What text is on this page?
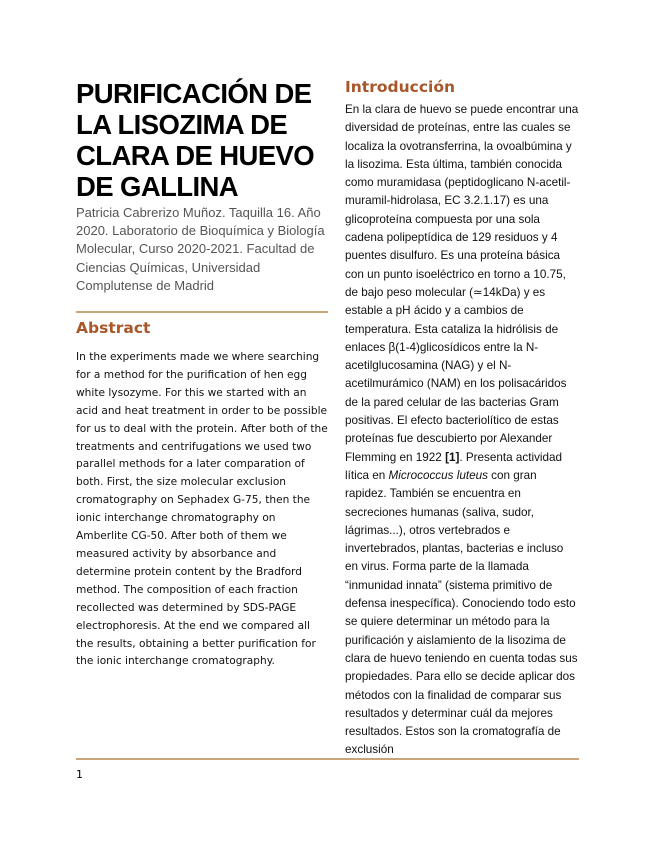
PURIFICACIÓN DE LA LISOZIMA DE CLARA DE HUEVO DE GALLINA
Patricia Cabrerizo Muñoz. Taquilla 16. Año 2020. Laboratorio de Bioquímica y Biología Molecular, Curso 2020-2021. Facultad de Ciencias Químicas, Universidad Complutense de Madrid
Abstract
In the experiments made we where searching for a method for the purification of hen egg white lysozyme. For this we started with an acid and heat treatment in order to be possible for us to deal with the protein. After both of the treatments and centrifugations we used two parallel methods for a later comparation of both. First, the size molecular exclusion cromatography on Sephadex G-75, then the ionic interchange chromatography on Amberlite CG-50. After both of them we measured activity by absorbance and determine protein content by the Bradford method. The composition of each fraction recollected was determined by SDS-PAGE electrophoresis. At the end we compared all the results, obtaining a better purification for the ionic interchange cromatography.
Introducción
En la clara de huevo se puede encontrar una diversidad de proteínas, entre las cuales se localiza la ovotransferrina, la ovoalbúmina y la lisozima. Esta última, también conocida como muramidasa (peptidoglicano N-acetil-muramil-hidrolasa, EC 3.2.1.17) es una glicoproteína compuesta por una sola cadena polipeptídica de 129 residuos y 4 puentes disulfuro. Es una proteína básica con un punto isoeléctrico en torno a 10.75, de bajo peso molecular (≃14kDa) y es estable a pH ácido y a cambios de temperatura. Esta cataliza la hidrólisis de enlaces β(1-4)glicosídicos entre la N-acetilglucosamina (NAG) y el N-acetilmurámico (NAM) en los polisacáridos de la pared celular de las bacterias Gram positivas. El efecto bacteriolítico de estas proteínas fue descubierto por Alexander Flemming en 1922 [1]. Presenta actividad lítica en Micrococcus luteus con gran rapidez. También se encuentra en secreciones humanas (saliva, sudor, lágrimas...), otros vertebrados e invertebrados, plantas, bacterias e incluso en virus. Forma parte de la llamada “inmunidad innata” (sistema primitivo de defensa inespecífica). Conociendo todo esto se quiere determinar un método para la purificación y aislamiento de la lisozima de clara de huevo teniendo en cuenta todas sus propiedades. Para ello se decide aplicar dos métodos con la finalidad de comparar sus resultados y determinar cuál da mejores resultados. Estos son la cromatografía de exclusión
1
